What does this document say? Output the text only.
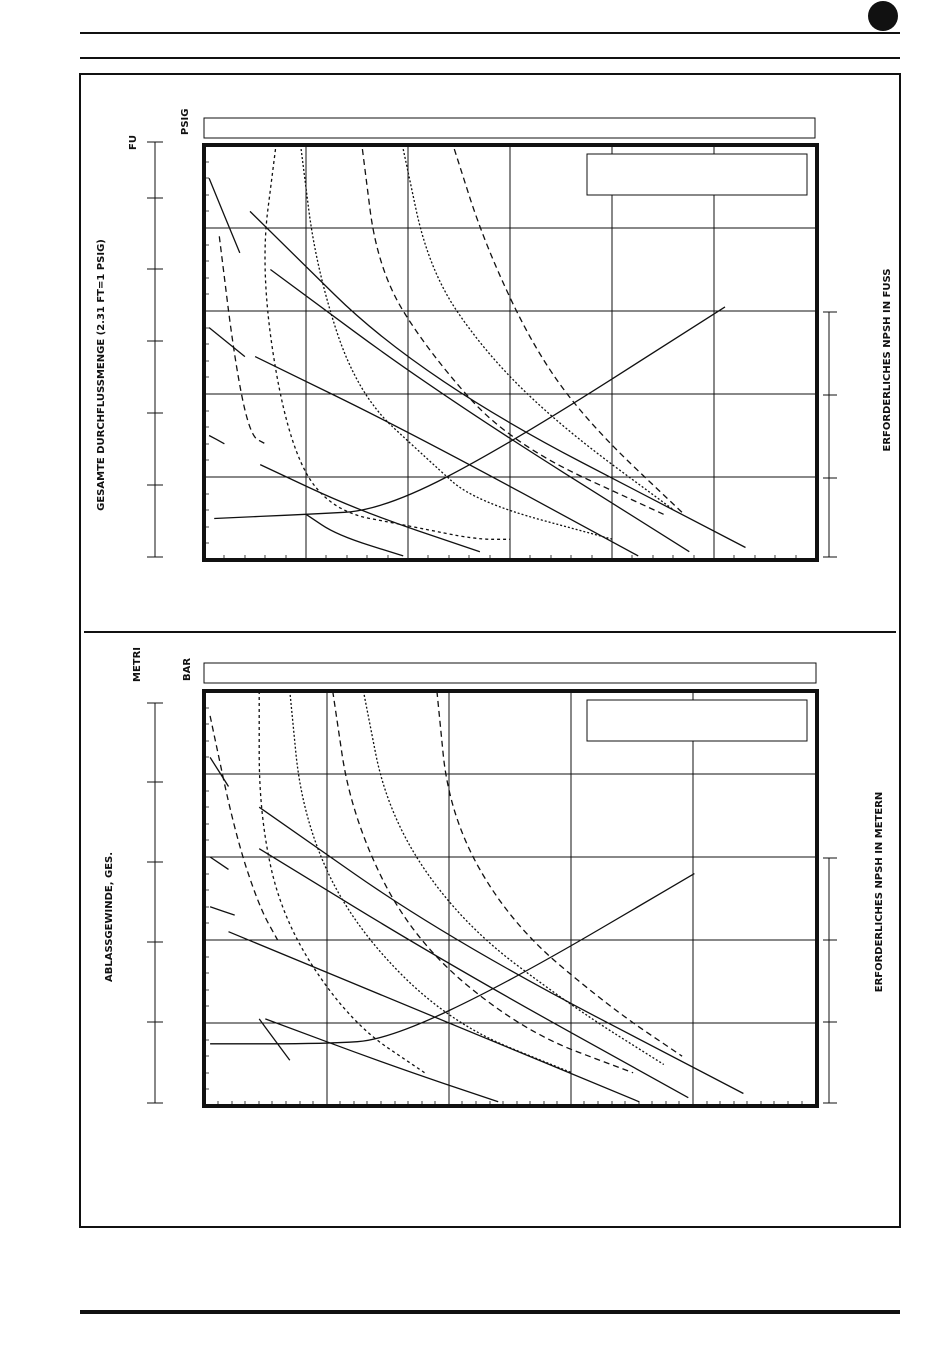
FU
PSIG
GESAMTE DURCHFLUSSMENGE (2.31 FT=1 PSIG)	ERFORDERLICHES NPSH IN FUSS
METRI	BAR
ABLASSGEWINDE, GES.	ERFORDERLICHES NPSH IN METERN
